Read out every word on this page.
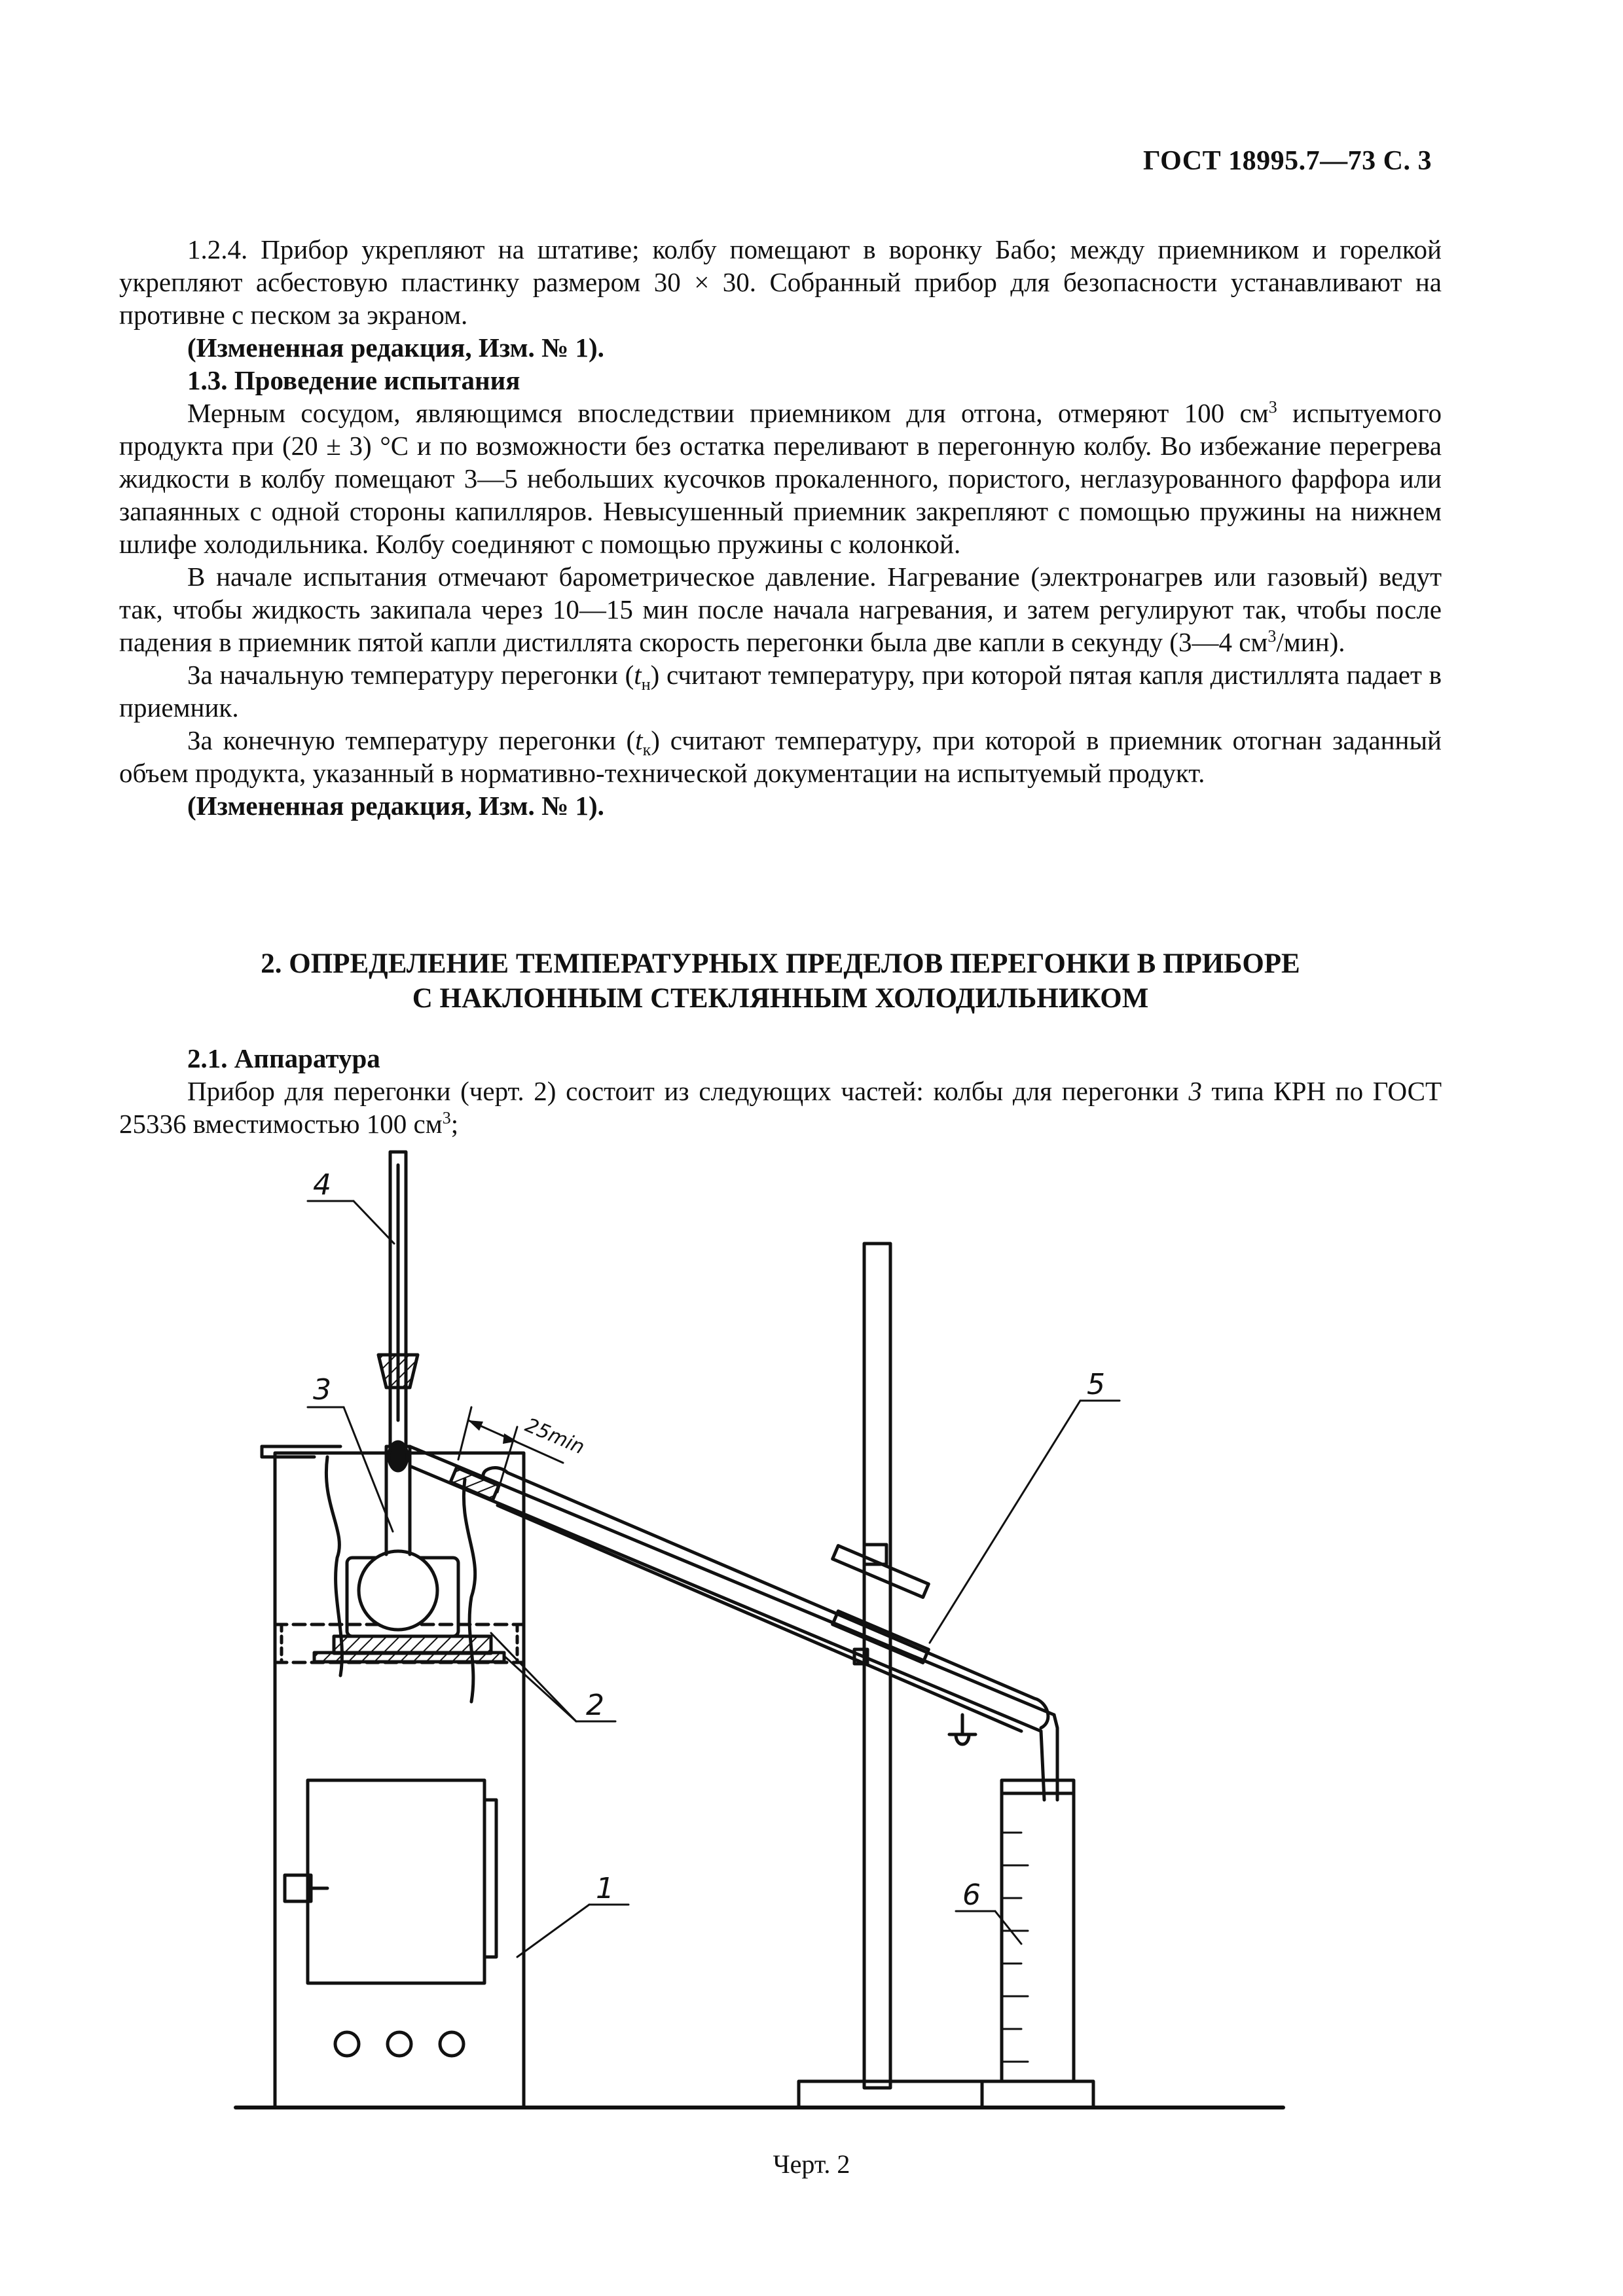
ГОСТ 18995.7—73 С. 3

1.2.4. Прибор укрепляют на штативе; колбу помещают в воронку Бабо; между приемником и горелкой укрепляют асбестовую пластинку размером 30 × 30. Собранный прибор для безопасности устанавливают на противне с песком за экраном.

(Измененная редакция, Изм. № 1).

1.3. Проведение испытания

Мерным сосудом, являющимся впоследствии приемником для отгона, отмеряют 100 $см^3$ испытуемого продукта при (20 ± 3) °С и по возможности без остатка переливают в перегонную колбу. Во избежание перегрева жидкости в колбу помещают 3—5 небольших кусочков прокаленного, пористого, неглазурованного фарфора или запаянных с одной стороны капилляров. Невысушенный приемник закрепляют с помощью пружины на нижнем шлифе холодильника. Колбу соединяют с помощью пружины с колонкой.

В начале испытания отмечают барометрическое давление. Нагревание (электронагрев или газовый) ведут так, чтобы жидкость закипала через 10—15 мин после начала нагревания, и затем регулируют так, чтобы после падения в приемник пятой капли дистиллята скорость перегонки была две капли в секунду (3—4 $см^3/мин$).

За начальную температуру перегонки $(t_н)$ считают температуру, при которой пятая капля дистиллята падает в приемник.

За конечную температуру перегонки $(t_к)$ считают температуру, при которой в приемник отогнан заданный объем продукта, указанный в нормативно-технической документации на испытуемый продукт.

(Измененная редакция, Изм. № 1).

2. ОПРЕДЕЛЕНИЕ ТЕМПЕРАТУРНЫХ ПРЕДЕЛОВ ПЕРЕГОНКИ В ПРИБОРЕ
С НАКЛОННЫМ СТЕКЛЯННЫМ ХОЛОДИЛЬНИКОМ

2.1. Аппаратура

Прибор для перегонки (черт. 2) состоит из следующих частей: колбы для перегонки 3 типа КРН по ГОСТ 25336 вместимостью 100 $см^3$;

4
3	5
2
1	6
25min
Черт. 2
